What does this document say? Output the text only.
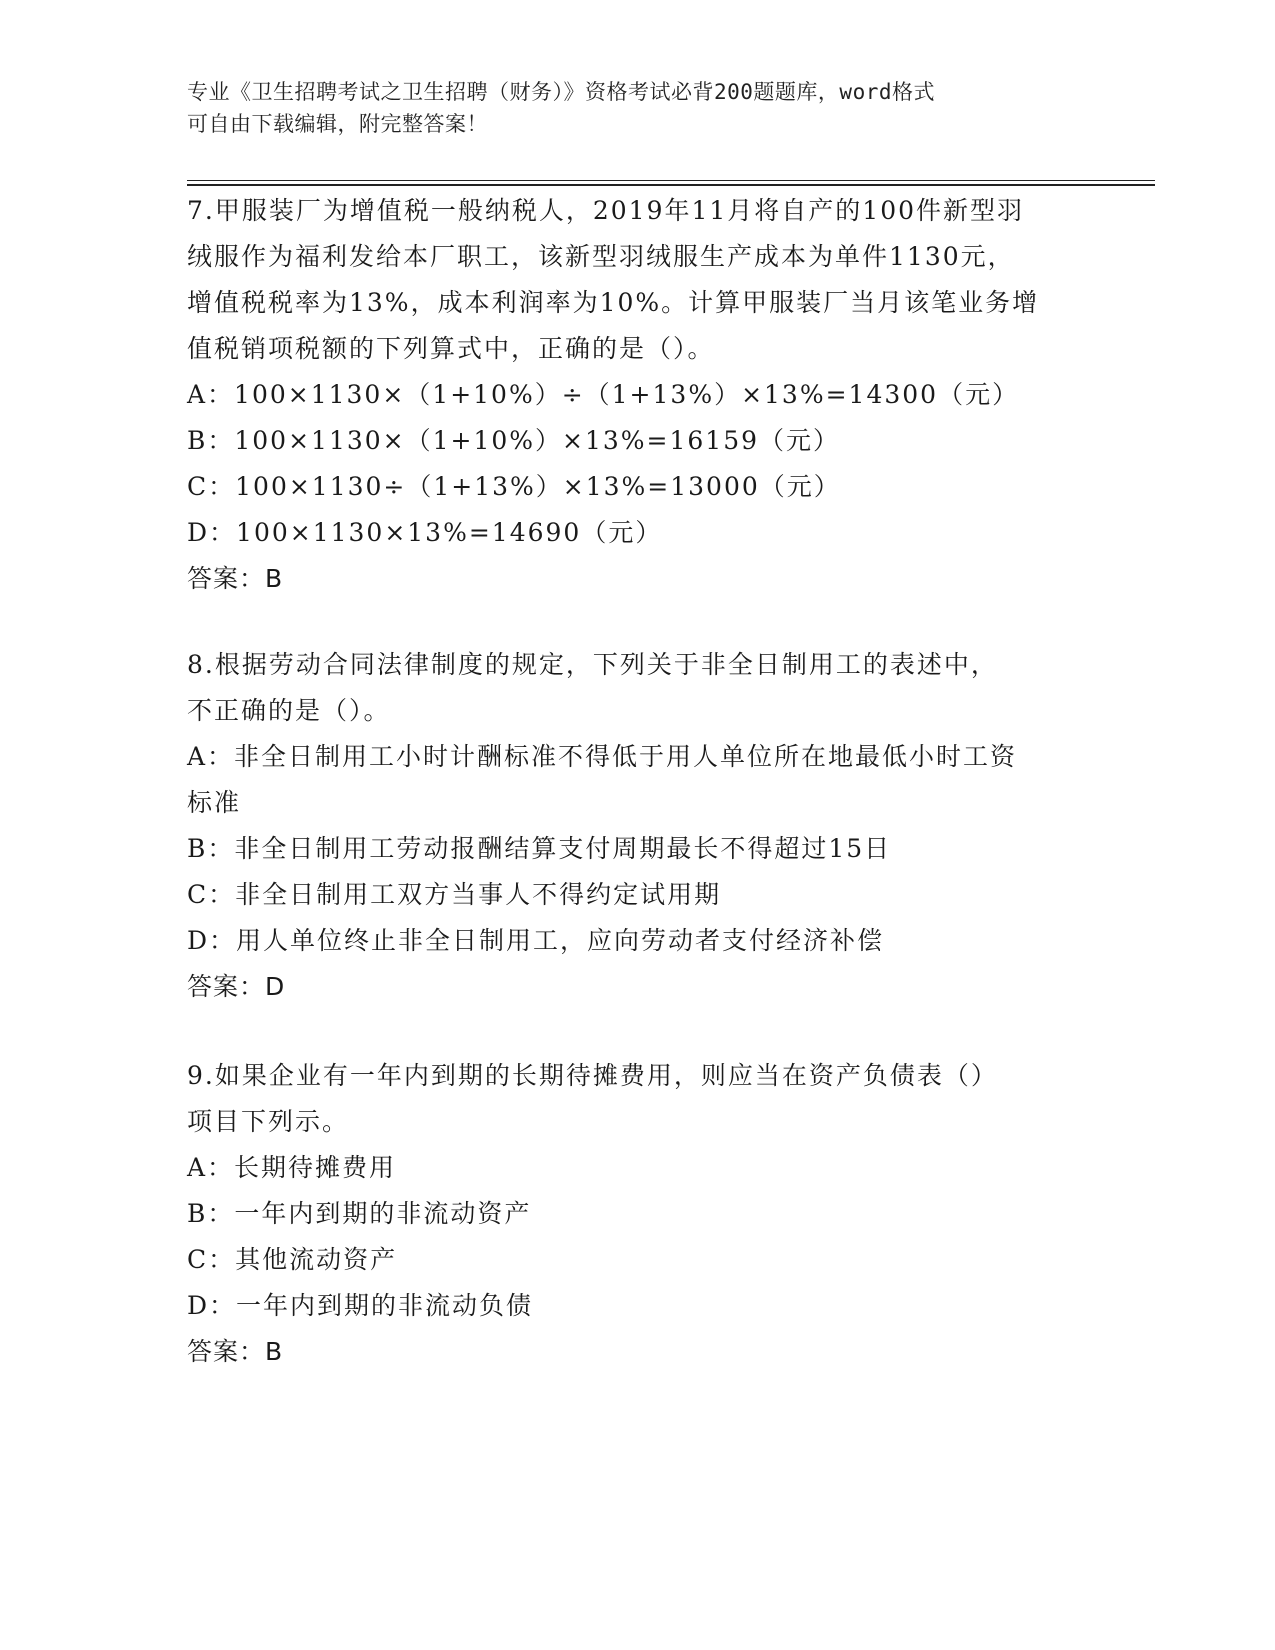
专业《卫生招聘考试之卫生招聘（财务）》资格考试必背200题题库，word格式
可自由下载编辑，附完整答案！
7.甲服装厂为增值税一般纳税人，2019年11月将自产的100件新型羽
绒服作为福利发给本厂职工，该新型羽绒服生产成本为单件1130元，
增值税税率为13%，成本利润率为10%。计算甲服装厂当月该笔业务增
值税销项税额的下列算式中，正确的是（）。
A：100×1130×（1+10%）÷（1+13%）×13%=14300（元）
B：100×1130×（1+10%）×13%=16159（元）
C：100×1130÷（1+13%）×13%=13000（元）
D：100×1130×13%=14690（元）
答案：B
8.根据劳动合同法律制度的规定，下列关于非全日制用工的表述中，
不正确的是（）。
A：非全日制用工小时计酬标准不得低于用人单位所在地最低小时工资
标准
B：非全日制用工劳动报酬结算支付周期最长不得超过15日
C：非全日制用工双方当事人不得约定试用期
D：用人单位终止非全日制用工，应向劳动者支付经济补偿
答案：D
9.如果企业有一年内到期的长期待摊费用，则应当在资产负债表（）
项目下列示。
A：长期待摊费用
B：一年内到期的非流动资产
C：其他流动资产
D：一年内到期的非流动负债
答案：B
